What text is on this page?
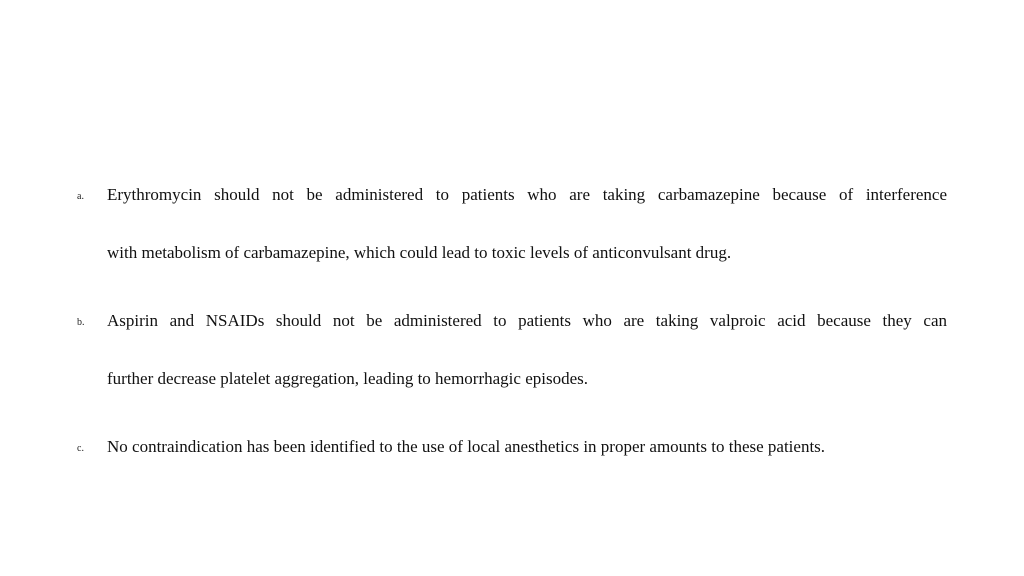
a. Erythromycin should not be administered to patients who are taking carbamazepine because of interference
with metabolism of carbamazepine, which could lead to toxic levels of anticonvulsant drug.
b. Aspirin and NSAIDs should not be administered to patients who are taking valproic acid because they can
further decrease platelet aggregation, leading to hemorrhagic episodes.
c. No contraindication has been identified to the use of local anesthetics in proper amounts to these patients.
